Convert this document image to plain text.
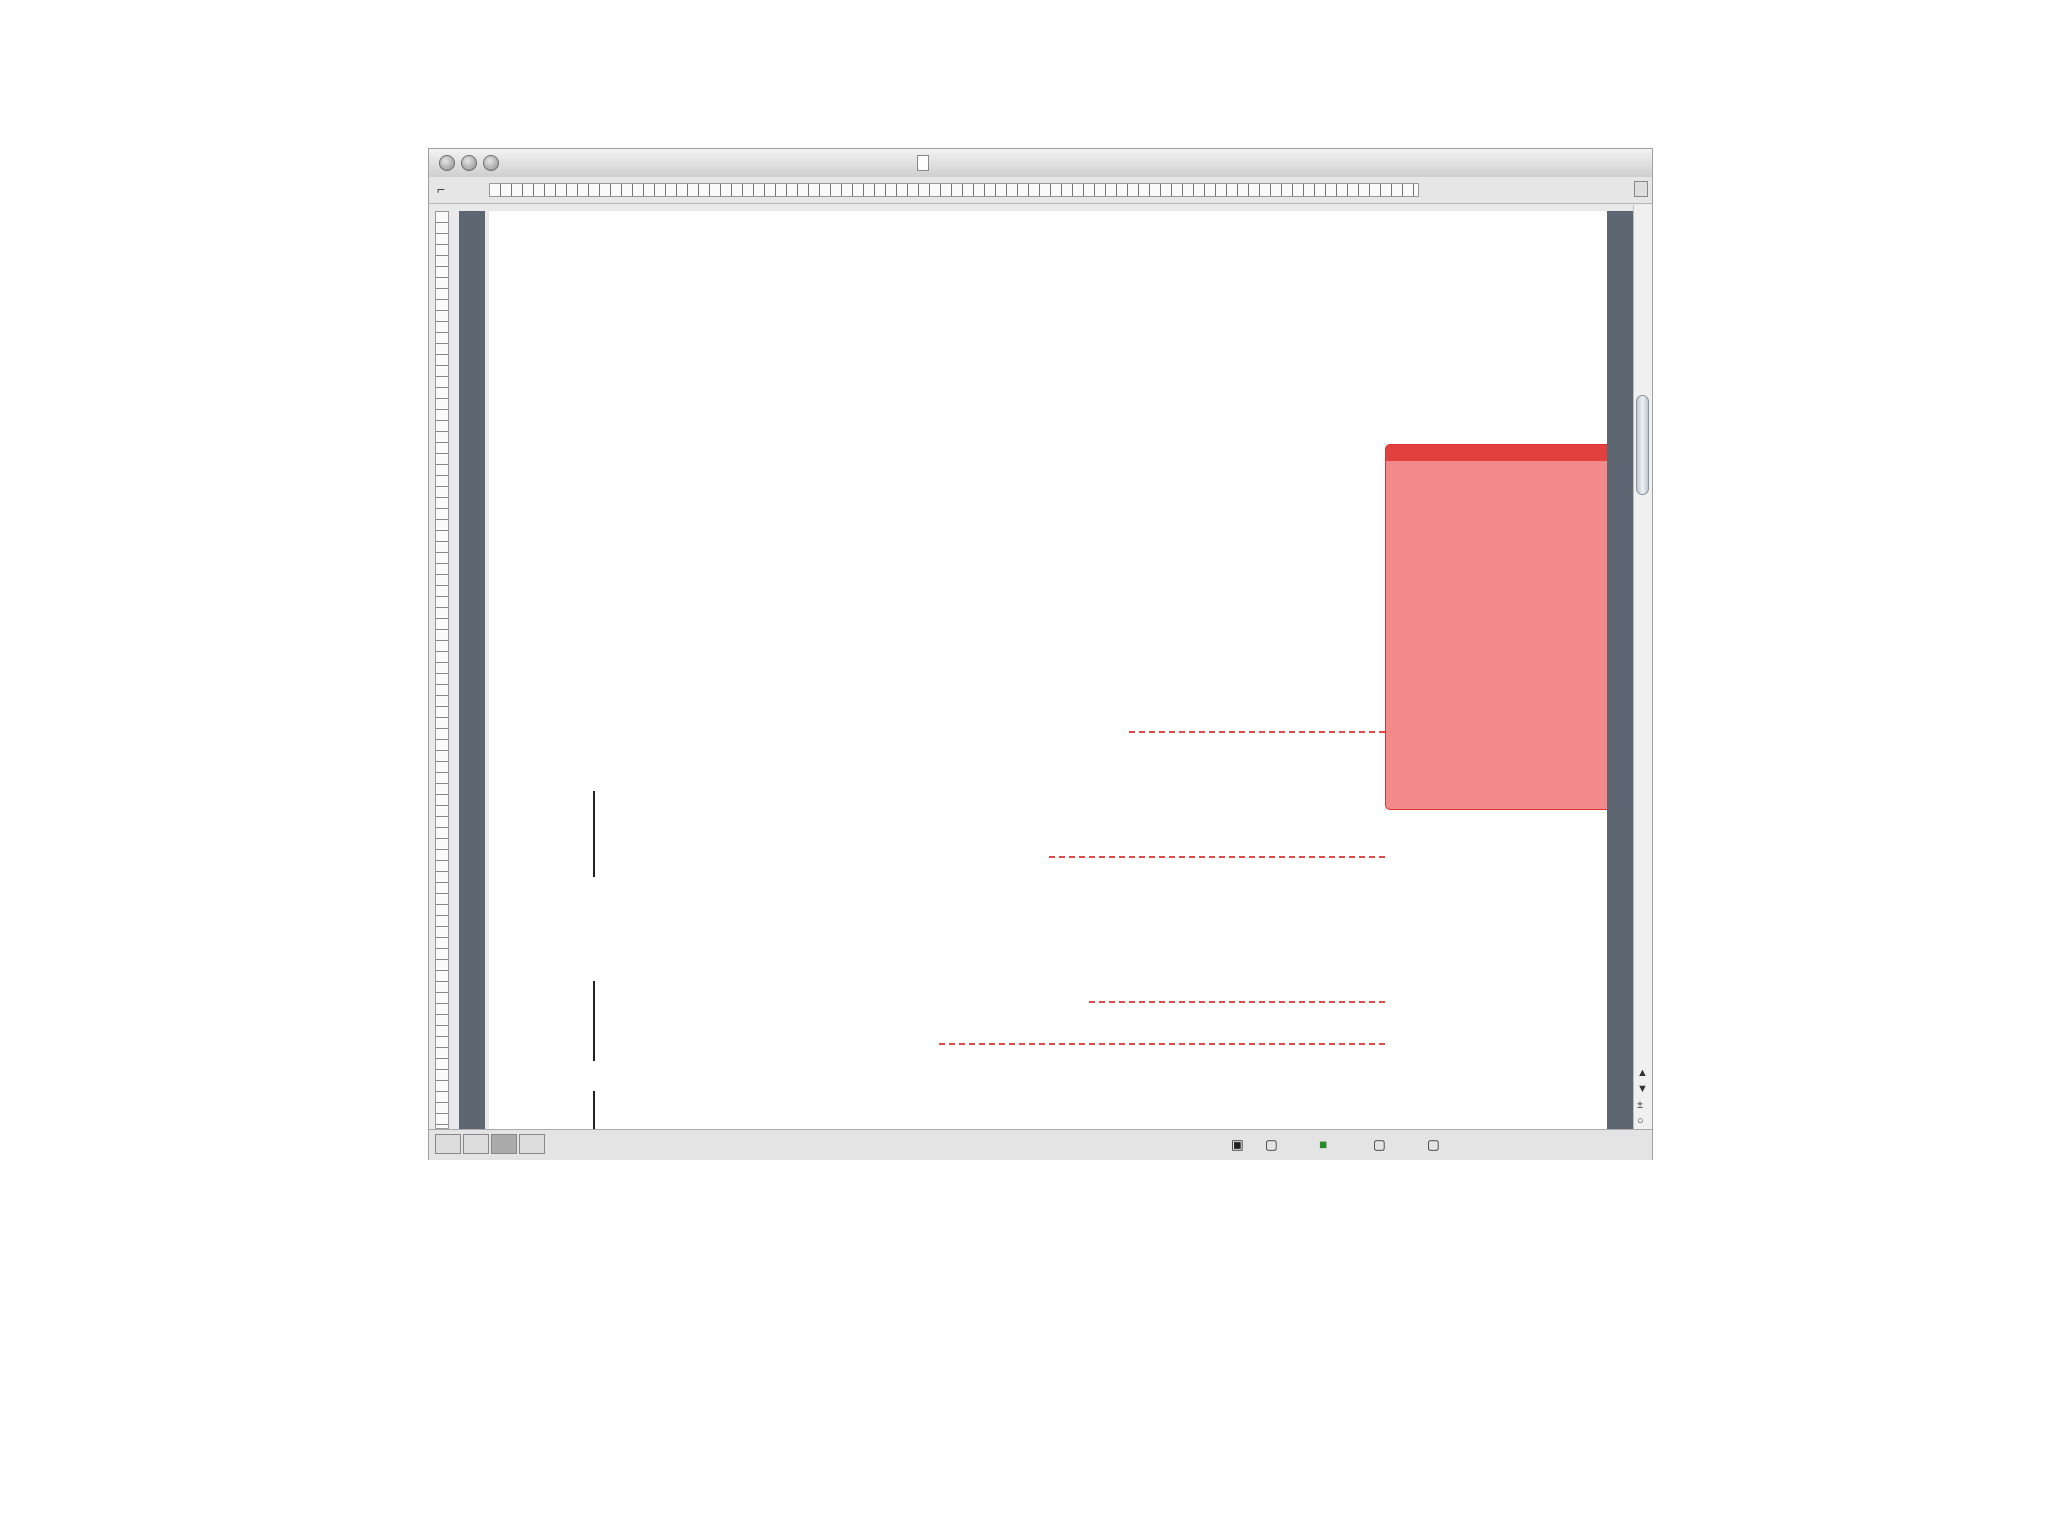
⌐
▲
▼
±
○

▣ ▢	■	▢	▢
